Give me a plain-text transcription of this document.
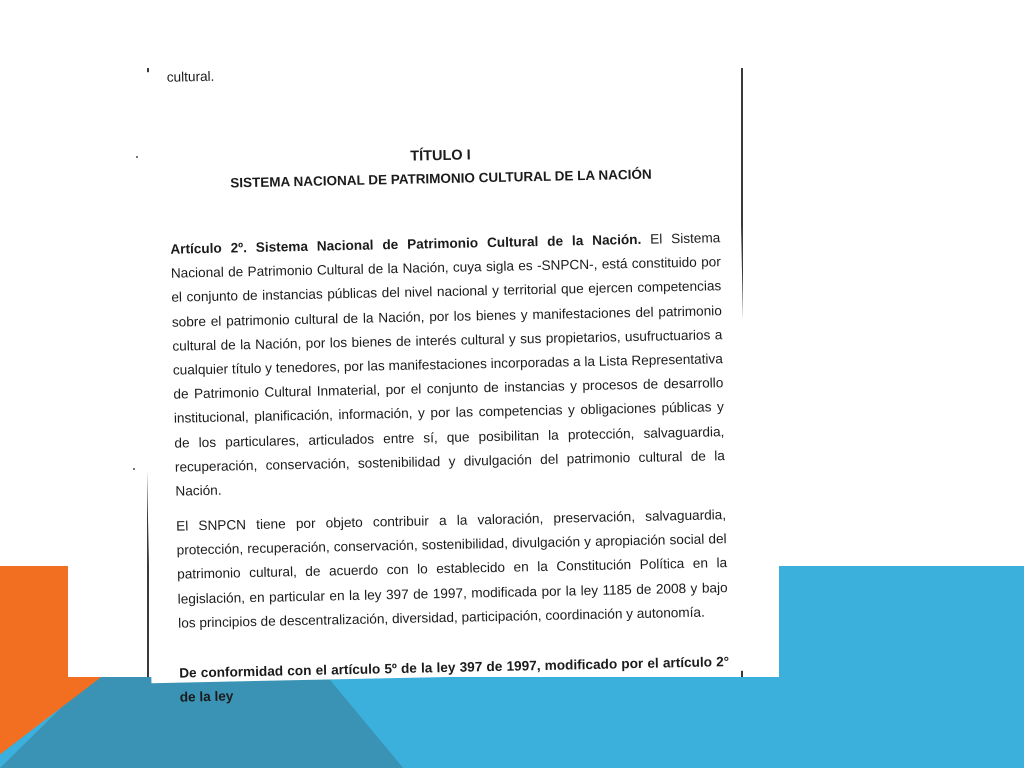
cultural.
TÍTULO I
SISTEMA NACIONAL DE PATRIMONIO CULTURAL DE LA NACIÓN
Artículo 2º. Sistema Nacional de Patrimonio Cultural de la Nación. El Sistema Nacional de Patrimonio Cultural de la Nación, cuya sigla es -SNPCN-, está constituido por el conjunto de instancias públicas del nivel nacional y territorial que ejercen competencias sobre el patrimonio cultural de la Nación, por los bienes y manifestaciones del patrimonio cultural de la Nación, por los bienes de interés cultural y sus propietarios, usufructuarios a cualquier título y tenedores, por las manifestaciones incorporadas a la Lista Representativa de Patrimonio Cultural Inmaterial, por el conjunto de instancias y procesos de desarrollo institucional, planificación, información, y por las competencias y obligaciones públicas y de los particulares, articulados entre sí, que posibilitan la protección, salvaguardia, recuperación, conservación, sostenibilidad y divulgación del patrimonio cultural de la Nación.
El SNPCN tiene por objeto contribuir a la valoración, preservación, salvaguardia, protección, recuperación, conservación, sostenibilidad, divulgación y apropiación social del patrimonio cultural, de acuerdo con lo establecido en la Constitución Política en la legislación, en particular en la ley 397 de 1997, modificada por la ley 1185 de 2008 y bajo los principios de descentralización, diversidad, participación, coordinación y autonomía.
De conformidad con el artículo 5º de la ley 397 de 1997, modificado por el artículo 2° de la ley
